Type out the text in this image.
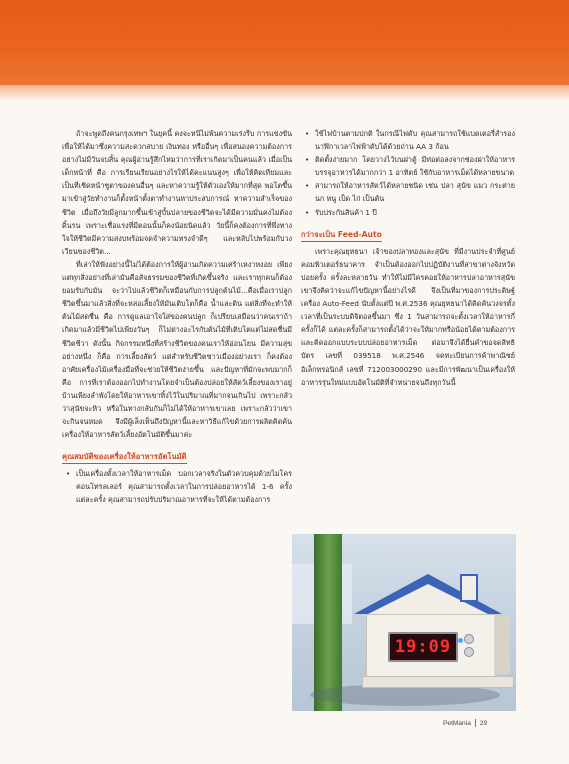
ถ้าจะพูดถึงคนกรุงเทพฯ ในยุคนี้ คงจะหนีไม่พ้นความเร่งรีบ การแข่งขันเพื่อให้ได้มาซึ่งความสะดวกสบาย เงินทอง หรืออื่นๆ เพื่อสนองความต้องการอย่างไม่มีวันจบสิ้น คุณผู้อ่านรู้สึกไหมว่าการที่เราเกิดมาเป็นคนแล้ว เมื่อเป็นเด็กหน้าที่ คือ การเรียนเรียนอย่างไรให้ได้คะแนนสูงๆ เพื่อให้คิดเทียมและเป็นที่เชิดหน้าชูตาของคนอื่นๆ และหาความรู้ให้ตัวเองให้มากที่สุด พอโตขึ้นมาเข้าสู่วัยทำงานก็ตั้งหน้าตั้งตาทำงานหาประสบการณ์ หาความสำเร็จของชีวิต เมื่อถึงวัยมีลูกมากขึ้นเข้าสู่บั้นปลายของชีวิตจะได้มีความมั่นคงไม่ต้องดิ้นรน เพราะเชื่อแรงที่มีตอนนั้นก็คงน้อยนิดแล้ว วัยนี้ก็คงต้องการที่พึ่งทางใจให้ชีวิตมีความสงบพร้อมจดจำความทรงจำดีๆ และหลับไปพร้อมกับวงเวียนของชีวิต...

ที่เล่าให้ฟังอย่างนี้ไม่ได้ต้องการให้ผู้อ่านเกิดความเศร้าเหงาหงอย เพียงแต่ทุกสิ่งอย่างที่เล่ามันคือสัจธรรมของชีวิตที่เกิดขึ้นจริง และเราทุกคนก็ต้องยอมรับกับมัน จะว่าไปแล้วชีวิตก็เหมือนกับการปลูกต้นไม้...คือเมื่อเราปลูกชีวิตขึ้นมาแล้วสิ่งที่จะหล่อเลี้ยงให้มันเติบโตก็คือ น้ำและดิน แต่สิ่งที่จะทำให้ต้นไม้สดชื่น คือ การดูแลเอาใจใส่ของคนปลูก ก็เปรียบเสมือนว่าคนเราถ้าเกิดมาแล้วมีชีวิตไปเพียงวันๆ ก็ไม่ต่างอะไรกับต้นไม้ที่เติบโตแต่ไม่สดชื่นมีชีวิตชีวา ดังนั้น กิจกรรมหนึ่งที่สร้างชีวิตของคนเราให้อ่อนโยน มีความสุขอย่างหนึ่ง ก็คือ การเลี้ยงสัตว์ แต่สำหรับชีวิตชาวเมืองอย่างเรา ก็คงต้องอาศัยเครื่องไม้เครื่องมือที่จะช่วยให้ชีวิตง่ายขึ้น และปัญหาที่มักจะพบมากก็คือ การที่เราต้องออกไปทำงานโดยจำเป็นต้องปล่อยให้สัตว์เลี้ยงของเราอยู่บ้านเพียงลำพังโดยให้อาหารเขาทิ้งไว้ในปริมาณที่มากจนเกินไป เพราะกลัวว่าสุนัขจะหิว หรือในทางกลับกันก็ไม่ได้ให้อาหารเขาเลย เพราะกลัวว่าเขาจะกินจนหมด จึงมีผู้เล็งเห็นถึงปัญหานี้และหาวิธีแก้ไขด้วยการผลิตคิดค้นเครื่องให้อาหารสัตว์เลี้ยงอัตโนมัติขึ้นมาค่ะ

คุณสมบัติของเครื่องให้อาหารอัตโนมัติ

• เป็นเครื่องตั้งเวลาให้อาหารเม็ด บอกเวลาจริงในตัวควบคุมด้วยไมโครคอนโทรลเลอร์ คุณสามารถตั้งเวลาในการปล่อยอาหารได้ 1-6 ครั้ง แต่ละครั้ง คุณสามารถปรับปริมาณอาหารที่จะให้ได้ตามต้องการ

• ใช้ไฟบ้านตามปกติ ในกรณีไฟดับ คุณสามารถใช้แบตเตอรี่สำรองนาฬิกาเวลาไฟฟ้าดับได้ด้วยถ่าน AA 3 ก้อน

• ติดตั้งง่ายมาก โดยวางไว้บนฝาตู้ มีท่อต่อลงจากช่องฝาให้อาหาร บรรจุอาหารได้มากกว่า 1 อาทิตย์ ใช้กับอาหารเม็ดได้หลายขนาด

• สามารถให้อาหารสัตว์ได้หลายชนิด เช่น ปลา สุนัข แมว กระต่าย นก หนู เป็ด ไก่ เป็นต้น

• รับประกันสินค้า 1 ปี

กว่าจะเป็น Feed-Auto

เพราะคุณยุทธนา เจ้าของปลาทองและสุนัข ที่มีงานประจำที่ศูนย์คอมพิวเตอร์ธนาคาร จำเป็นต้องออกไปปฏิบัติงานที่สาขาต่างจังหวัดบ่อยครั้ง ครั้งละหลายวัน ทำให้ไม่มีใครคอยให้อาหารปลาอาหารสุนัข เขาจึงคิดว่าจะแก้ไขปัญหานี้อย่างไรดี จึงเป็นที่มาของการประดิษฐ์เครื่อง Auto-Feed นับตั้งแต่ปี พ.ศ.2536 คุณยุทธนาได้คิดค้นวงจรตั้งเวลาที่เป็นระบบดิจิตอลขึ้นมา ซึ่ง 1 วันสามารถจะตั้งเวลาให้อาหารกี่ครั้งก็ได้ แต่ละครั้งก็สามารถตั้งได้ว่าจะให้มากหรือน้อยได้ตามต้องการ และคิดออกแบบระบบปล่อยอาหารเม็ด ต่อมาจึงได้ยื่นคำขอจดสิทธิบัตร เลขที่ 039518 พ.ศ.2546 จดทะเบียนการค้าพาณิชย์อิเล็กทรอนิกส์ เลขที่ 712003000290 และมีการพัฒนาเป็นเครื่องให้อาหารรุ่นใหม่แบบอัตโนมัติที่จำหน่ายจนถึงทุกวันนี้

19:09
PetMania 29
